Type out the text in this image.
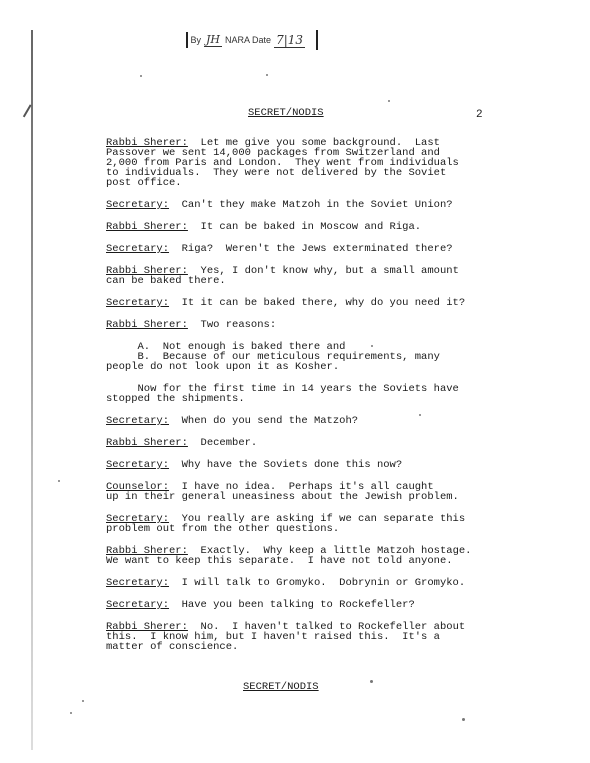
By JH NARA Date 7|13
SECRET/NODIS	2
Rabbi Sherer:  Let me give you some background.  Last
Passover we sent 14,000 packages from Switzerland and
2,000 from Paris and London.  They went from individuals
to individuals.  They were not delivered by the Soviet
post office.
Secretary:  Can't they make Matzoh in the Soviet Union?
Rabbi Sherer:  It can be baked in Moscow and Riga.
Secretary:  Riga?  Weren't the Jews exterminated there?
Rabbi Sherer:  Yes, I don't know why, but a small amount
can be baked there.
Secretary:  It it can be baked there, why do you need it?
Rabbi Sherer:  Two reasons:
A.  Not enough is baked there and
B.  Because of our meticulous requirements, many
people do not look upon it as Kosher.
Now for the first time in 14 years the Soviets have
stopped the shipments.
Secretary:  When do you send the Matzoh?
Rabbi Sherer:  December.
Secretary:  Why have the Soviets done this now?
Counselor:  I have no idea.  Perhaps it's all caught
up in their general uneasiness about the Jewish problem.
Secretary:  You really are asking if we can separate this
problem out from the other questions.
Rabbi Sherer:  Exactly.  Why keep a little Matzoh hostage.
We want to keep this separate.  I have not told anyone.
Secretary:  I will talk to Gromyko.  Dobrynin or Gromyko.
Secretary:  Have you been talking to Rockefeller?
Rabbi Sherer:  No.  I haven't talked to Rockefeller about
this.  I know him, but I haven't raised this.  It's a
matter of conscience.
SECRET/NODIS
